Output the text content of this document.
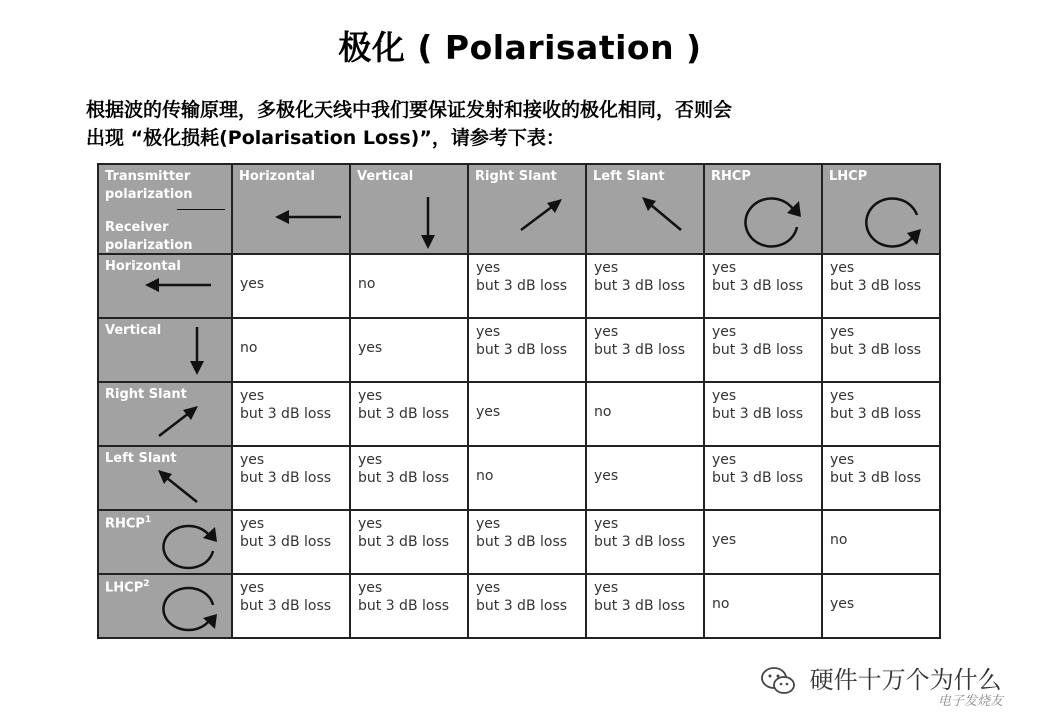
极化 ( Polarisation )
根据波的传输原理，多极化天线中我们要保证发射和接收的极化相同，否则会
出现 “极化损耗(Polarisation Loss)”，请参考下表：
Transmitter
polarization
Receiver
polarization	Horizontal	Vertical	Right Slant	Left Slant	RHCP	LHCP

Horizontal	yes	no	yes
but 3 dB loss	yes
but 3 dB loss	yes
but 3 dB loss	yes
but 3 dB loss

Vertical	no	yes	yes
but 3 dB loss	yes
but 3 dB loss	yes
but 3 dB loss	yes
but 3 dB loss

Right Slant	yes
but 3 dB loss	yes
but 3 dB loss	yes	no	yes
but 3 dB loss	yes
but 3 dB loss

Left Slant	yes
but 3 dB loss	yes
but 3 dB loss	no	yes	yes
but 3 dB loss	yes
but 3 dB loss

RHCP$^1$	yes
but 3 dB loss	yes
but 3 dB loss	yes
but 3 dB loss	yes
but 3 dB loss	yes	no

LHCP$^2$	yes
but 3 dB loss	yes
but 3 dB loss	yes
but 3 dB loss	yes
but 3 dB loss	no	yes
硬件十万个为什么
电子发烧友
